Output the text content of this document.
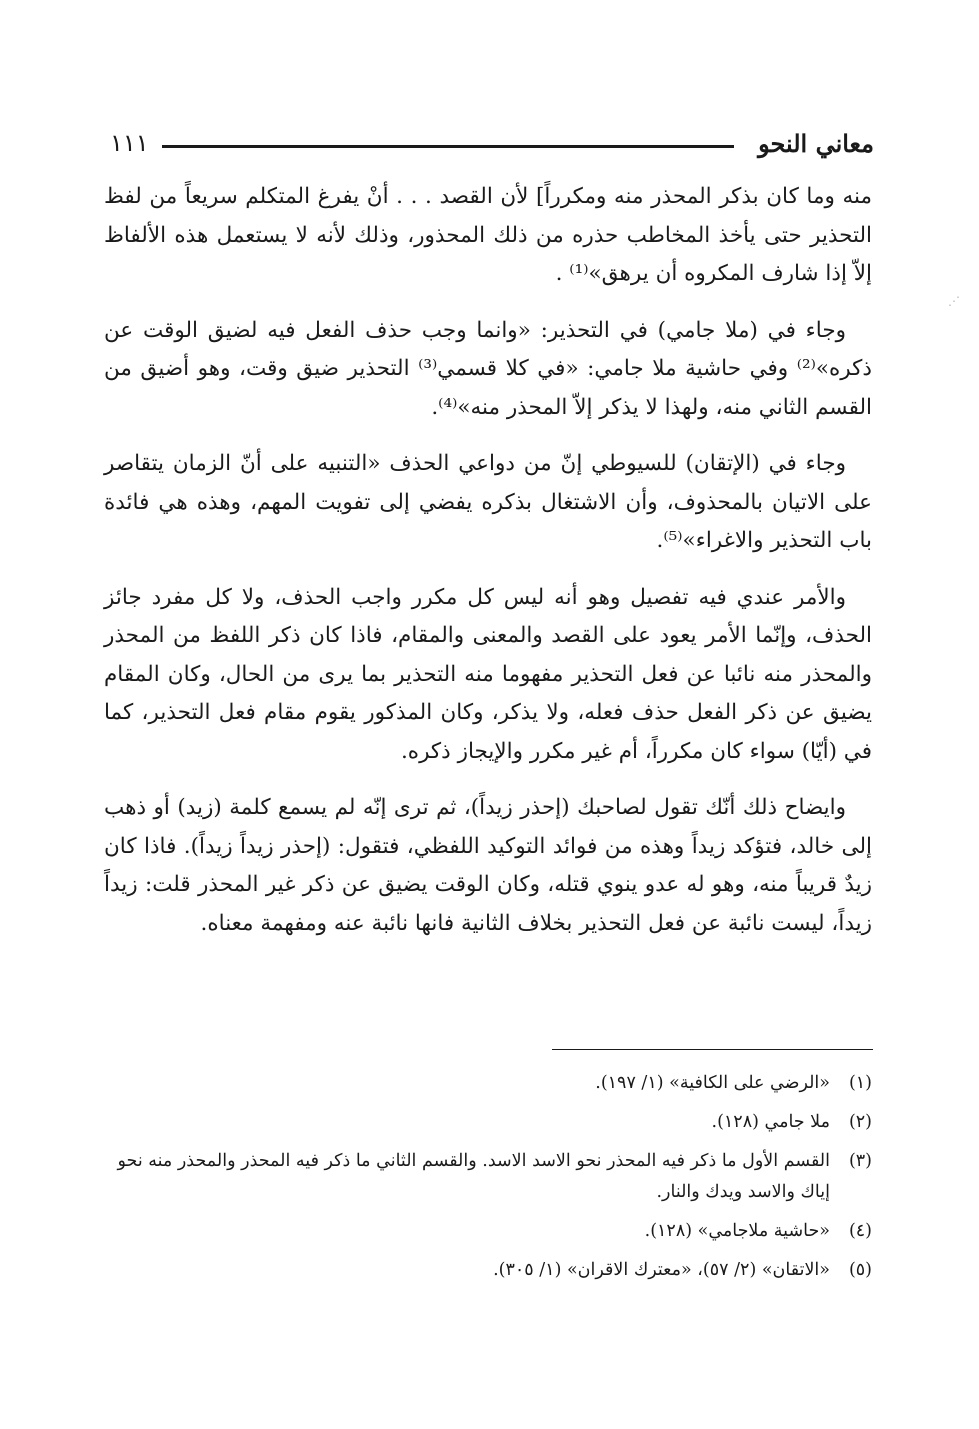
١١١	معاني النحو

منه وما كان بذكر المحذر منه ومكرراً] لأن القصد . . . أنْ يفرغ المتكلم سريعاً من لفظ التحذير حتى يأخذ المخاطب حذره من ذلك المحذور، وذلك لأنه لا يستعمل هذه الألفاظ إلاّ إذا شارف المكروه أن يرهق»⁽¹⁾ .

وجاء في (ملا جامي) في التحذير: «وانما وجب حذف الفعل فيه لضيق الوقت عن ذكره»⁽²⁾ وفي حاشية ملا جامي: «في كلا قسمي⁽³⁾ التحذير ضيق وقت، وهو أضيق من القسم الثاني منه، ولهذا لا يذكر إلاّ المحذر منه»⁽⁴⁾.

وجاء في (الإتقان) للسيوطي إنّ من دواعي الحذف «التنبيه على أنّ الزمان يتقاصر على الاتيان بالمحذوف، وأن الاشتغال بذكره يفضي إلى تفويت المهم، وهذه هي فائدة باب التحذير والاغراء»⁽⁵⁾.

والأمر عندي فيه تفصيل وهو أنه ليس كل مكرر واجب الحذف، ولا كل مفرد جائز الحذف، وإنّما الأمر يعود على القصد والمعنى والمقام، فاذا كان ذكر اللفظ من المحذر والمحذر منه نائبا عن فعل التحذير مفهوما منه التحذير بما يرى من الحال، وكان المقام يضيق عن ذكر الفعل حذف فعله، ولا يذكر، وكان المذكور يقوم مقام فعل التحذير، كما في (أيّا) سواء كان مكرراً، أم غير مكرر والإيجاز ذكره.

وايضاح ذلك أنّك تقول لصاحبك (إحذر زيداً)، ثم ترى إنّه لم يسمع كلمة (زيد) أو ذهب إلى خالد، فتؤكد زيداً وهذه من فوائد التوكيد اللفظي، فتقول: (إحذر زيداً زيداً). فاذا كان زيدٌ قريباً منه، وهو له عدو ينوي قتله، وكان الوقت يضيق عن ذكر غير المحذر قلت: زيداً زيداً، ليست نائبة عن فعل التحذير بخلاف الثانية فانها نائبة عنه ومفهمة معناه.

(١)
«الرضي على الكافية» (١/ ١٩٧).
(٢)
ملا جامي (١٢٨).
(٣)
القسم الأول ما ذكر فيه المحذر نحو الاسد الاسد. والقسم الثاني ما ذكر فيه المحذر والمحذر منه نحو إياك والاسد ويدك والنار.
(٤)
«حاشية ملاجامي» (١٢٨).
(٥)
«الاتقان» (٢/ ٥٧)، «معترك الاقران» (١/ ٣٠٥).
⋰
